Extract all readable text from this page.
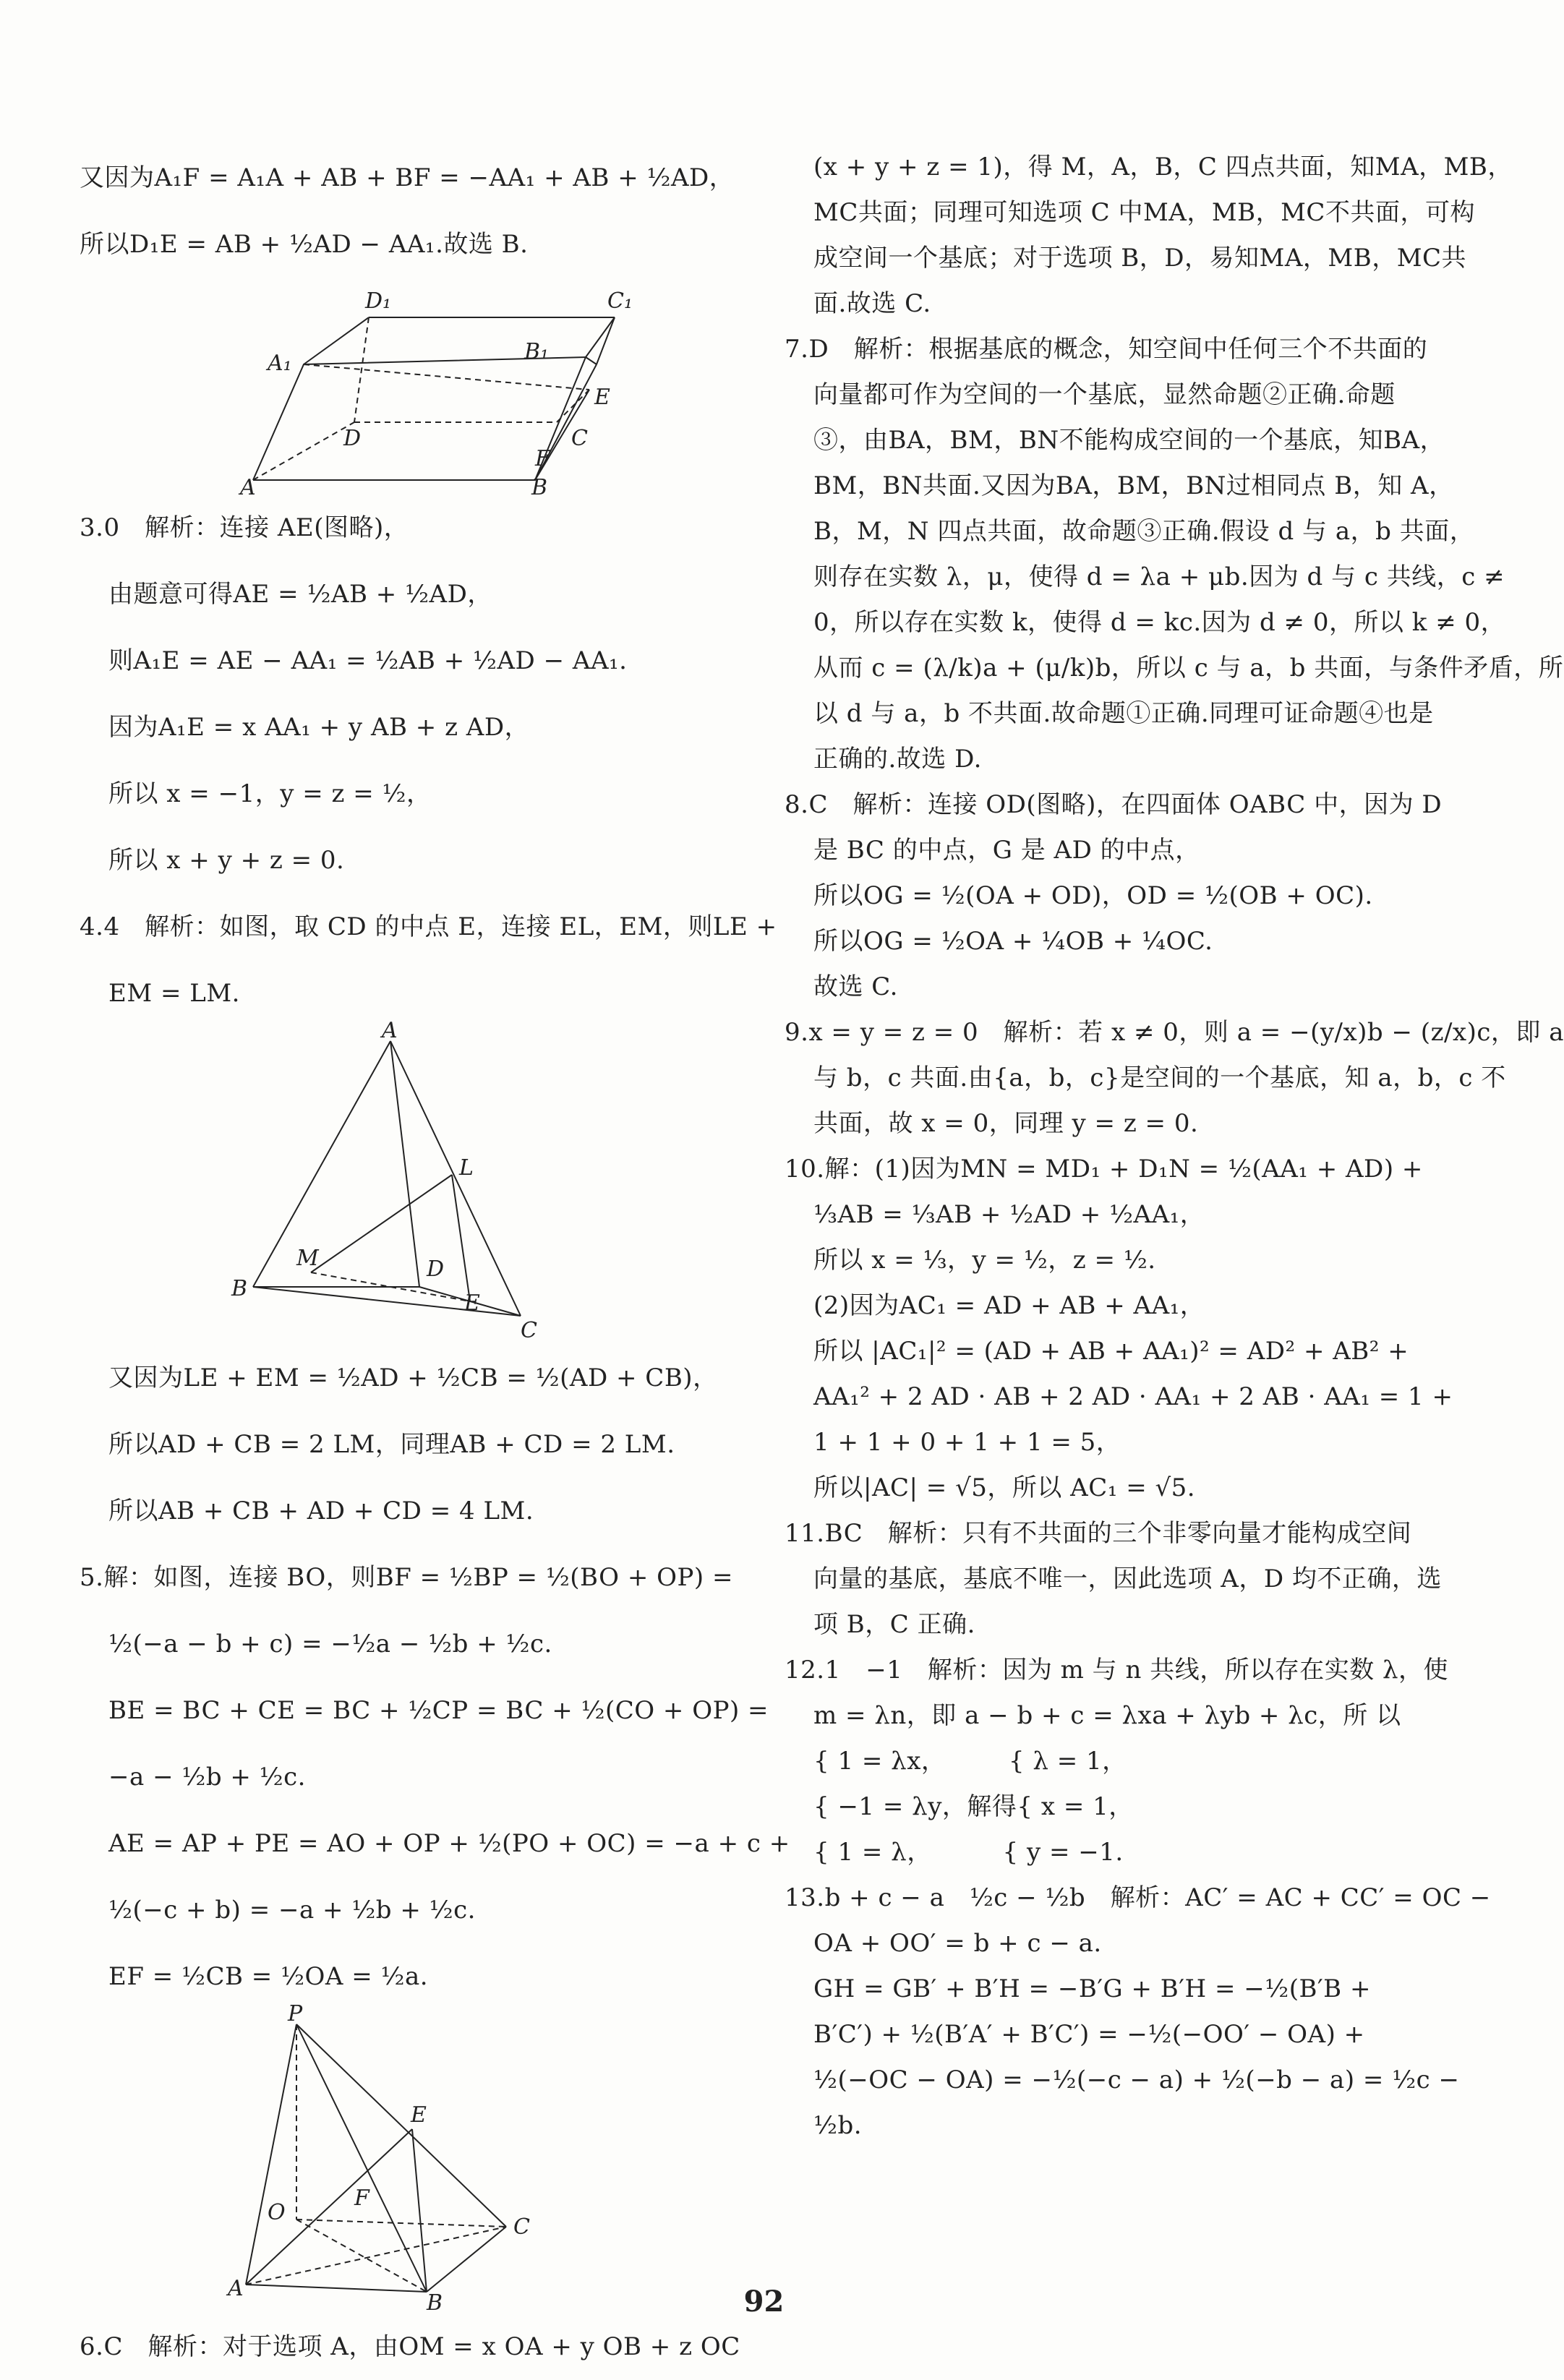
又因为A₁F = A₁A + AB + BF = −AA₁ + AB + ½AD，
所以D₁E = AB + ½AD − AA₁.故选 B.
D₁	C₁
A₁	B₁
D	C
E
F
A	B
3.0　解析：连接 AE(图略)，
由题意可得AE = ½AB + ½AD，
则A₁E = AE − AA₁ = ½AB + ½AD − AA₁.
因为A₁E = x AA₁ + y AB + z AD，
所以 x = −1，y = z = ½，
所以 x + y + z = 0.
4.4　解析：如图，取 CD 的中点 E，连接 EL，EM，则LE +
EM = LM.
A
L
M	D
E
B
C
又因为LE + EM = ½AD + ½CB = ½(AD + CB)，
所以AD + CB = 2 LM，同理AB + CD = 2 LM.
所以AB + CB + AD + CD = 4 LM.
5.解：如图，连接 BO，则BF = ½BP = ½(BO + OP) =
½(−a − b + c) = −½a − ½b + ½c.
BE = BC + CE = BC + ½CP = BC + ½(CO + OP) =
−a − ½b + ½c.
AE = AP + PE = AO + OP + ½(PO + OC) = −a + c +
½(−c + b) = −a + ½b + ½c.
EF = ½CB = ½OA = ½a.
P
E
O
F
C
A
B
6.C　解析：对于选项 A，由OM = x OA + y OB + z OC
(x + y + z = 1)，得 M，A，B，C 四点共面，知MA，MB，
MC共面；同理可知选项 C 中MA，MB，MC不共面，可构
成空间一个基底；对于选项 B，D，易知MA，MB，MC共
面.故选 C.
7.D　解析：根据基底的概念，知空间中任何三个不共面的
向量都可作为空间的一个基底，显然命题②正确.命题
③，由BA，BM，BN不能构成空间的一个基底，知BA，
BM，BN共面.又因为BA，BM，BN过相同点 B，知 A，
B，M，N 四点共面，故命题③正确.假设 d 与 a，b 共面，
则存在实数 λ，μ，使得 d = λa + μb.因为 d 与 c 共线，c ≠
0，所以存在实数 k，使得 d = kc.因为 d ≠ 0，所以 k ≠ 0，
从而 c = (λ/k)a + (μ/k)b，所以 c 与 a，b 共面，与条件矛盾，所
以 d 与 a，b 不共面.故命题①正确.同理可证命题④也是
正确的.故选 D.
8.C　解析：连接 OD(图略)，在四面体 OABC 中，因为 D
是 BC 的中点，G 是 AD 的中点，
所以OG = ½(OA + OD)，OD = ½(OB + OC).
所以OG = ½OA + ¼OB + ¼OC.
故选 C.
9.x = y = z = 0　解析：若 x ≠ 0，则 a = −(y/x)b − (z/x)c，即 a
与 b，c 共面.由{a，b，c}是空间的一个基底，知 a，b，c 不
共面，故 x = 0，同理 y = z = 0.
10.解：(1)因为MN = MD₁ + D₁N = ½(AA₁ + AD) +
⅓AB = ⅓AB + ½AD + ½AA₁，
所以 x = ⅓，y = ½，z = ½.
(2)因为AC₁ = AD + AB + AA₁，
所以 |AC₁|² = (AD + AB + AA₁)² = AD² + AB² +
AA₁² + 2 AD · AB + 2 AD · AA₁ + 2 AB · AA₁ = 1 +
1 + 1 + 0 + 1 + 1 = 5，
所以|AC| = √5，所以 AC₁ = √5.
11.BC　解析：只有不共面的三个非零向量才能构成空间
向量的基底，基底不唯一，因此选项 A，D 均不正确，选
项 B，C 正确.
12.1　−1　解析：因为 m 与 n 共线，所以存在实数 λ，使
m = λn，即 a − b + c = λxa + λyb + λc，所 以
{ 1 = λx，　　　{ λ = 1，
{ −1 = λy，解得{ x = 1，
{ 1 = λ，　　　 { y = −1.
13.b + c − a　½c − ½b　解析：AC′ = AC + CC′ = OC −
OA + OO′ = b + c − a.
GH = GB′ + B′H = −B′G + B′H = −½(B′B +
B′C′) + ½(B′A′ + B′C′) = −½(−OO′ − OA) +
½(−OC − OA) = −½(−c − a) + ½(−b − a) = ½c −
½b.
92
